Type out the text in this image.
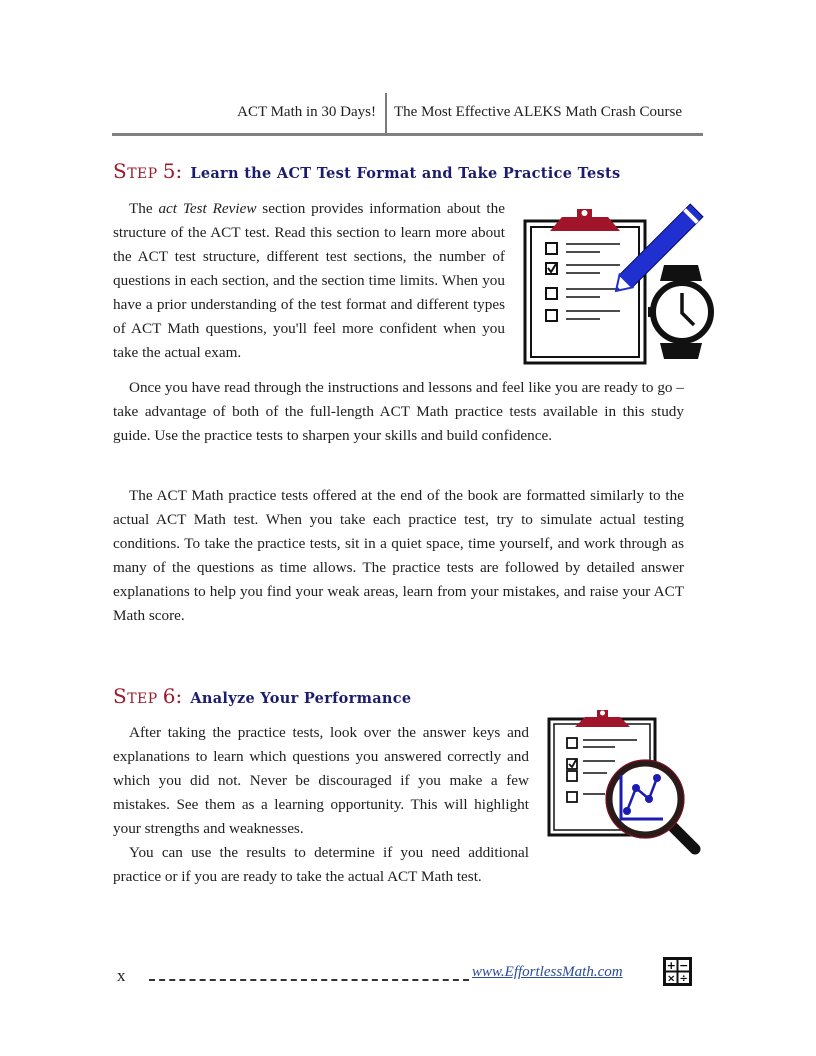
ACT Math in 30 Days! The Most Effective ALEKS Math Crash Course
STEP 5: Learn the ACT Test Format and Take Practice Tests
The act Test Review section provides information about the structure of the ACT test. Read this section to learn more about the ACT test structure, different test sections, the number of questions in each section, and the section time limits. When you have a prior understanding of the test format and different types of ACT Math questions, you'll feel more confident when you take the actual exam.
Once you have read through the instructions and lessons and feel like you are ready to go – take advantage of both of the full-length ACT Math practice tests available in this study guide. Use the practice tests to sharpen your skills and build confidence.
The ACT Math practice tests offered at the end of the book are formatted similarly to the actual ACT Math test. When you take each practice test, try to simulate actual testing conditions. To take the practice tests, sit in a quiet space, time yourself, and work through as many of the questions as time allows. The practice tests are followed by detailed answer explanations to help you find your weak areas, learn from your mistakes, and raise your ACT Math score.
STEP 6: Analyze Your Performance
After taking the practice tests, look over the answer keys and explanations to learn which questions you answered correctly and which you did not. Never be discouraged if you make a few mistakes. See them as a learning opportunity. This will highlight your strengths and weaknesses.
You can use the results to determine if you need additional practice or if you are ready to take the actual ACT Math test.
x	www.EffortlessMath.com	+ −
× ÷
